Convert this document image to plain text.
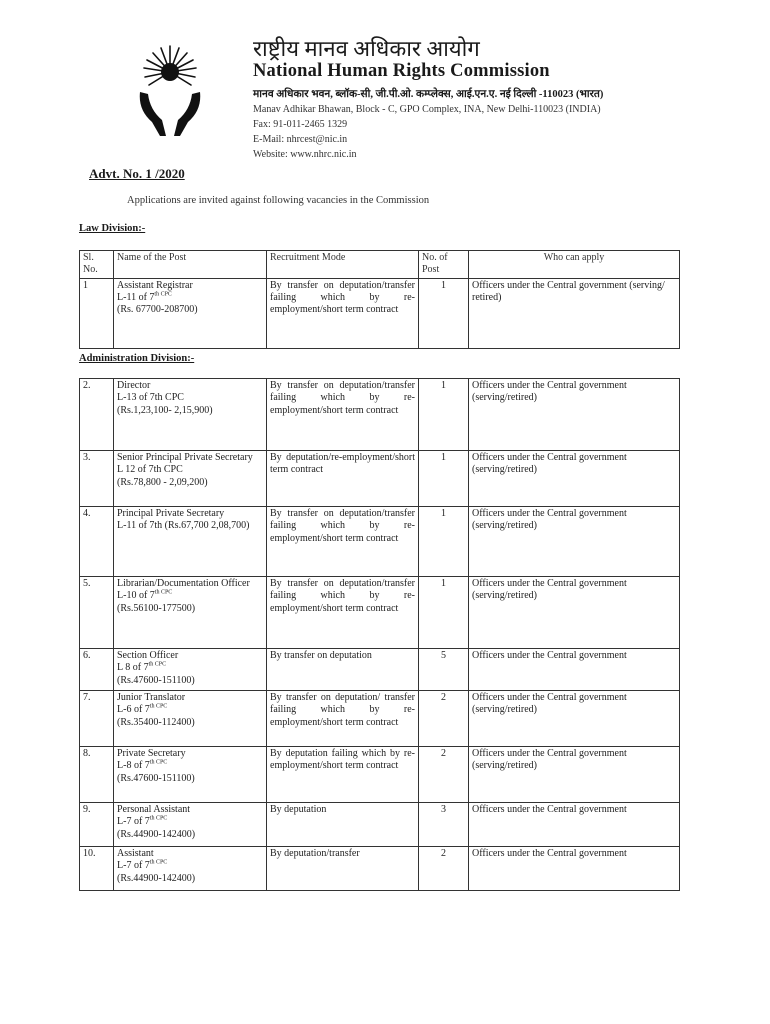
राष्ट्रीय मानव अधिकार आयोग
National Human Rights Commission
मानव अधिकार भवन, ब्लॉक-सी, जी.पी.ओ. कम्प्लेक्स, आई.एन.ए. नई दिल्ली -110023 (भारत)
Manav Adhikar Bhawan, Block - C, GPO Complex, INA, New Delhi-110023 (INDIA)
Fax: 91-011-2465 1329
E-Mail: nhrcest@nic.in
Website: www.nhrc.nic.in
Advt. No. 1 /2020
Applications are invited against following vacancies in the Commission
Law Division:-
Sl. No.	Name of the Post	Recruitment Mode	No. of Post	Who can apply
1	Assistant Registrar
L-11 of $7^{th CPC}$
(Rs. 67700-208700)	By transfer on deputation/transfer failing which by re-employment/short term contract	1	Officers under the Central government (serving/ retired)
Administration Division:-
2.	Director
L-13 of 7th CPC
(Rs.1,23,100- 2,15,900)	By transfer on deputation/transfer failing which by re-employment/short term contract	1	Officers under the Central government (serving/retired)
3.	Senior Principal Private Secretary
L 12 of 7th CPC
(Rs.78,800 - 2,09,200)	By deputation/re-employment/short term contract	1	Officers under the Central government (serving/retired)
4.	Principal Private Secretary
L-11 of 7th (Rs.67,700 2,08,700)	By transfer on deputation/transfer failing which by re-employment/short term contract	1	Officers under the Central government (serving/retired)
5.	Librarian/Documentation Officer
L-10 of $7^{th CPC}$
(Rs.56100-177500)	By transfer on deputation/transfer failing which by re-employment/short term contract	1	Officers under the Central government (serving/retired)
6.	Section Officer
L 8 of $7^{th CPC}$
(Rs.47600-151100)	By transfer on deputation	5	Officers under the Central government
7.	Junior Translator
L-6 of $7^{th CPC}$
(Rs.35400-112400)	By transfer on deputation/ transfer failing which by re-employment/short term contract	2	Officers under the Central government (serving/retired)
8.	Private Secretary
L-8 of $7^{th CPC}$
(Rs.47600-151100)	By deputation failing which by re-employment/short term contract	2	Officers under the Central government (serving/retired)
9.	Personal Assistant
L-7 of $7^{th CPC}$
(Rs.44900-142400)	By deputation	3	Officers under the Central government
10.	Assistant
L-7 of $7^{th CPC}$
(Rs.44900-142400)	By deputation/transfer	2	Officers under the Central government
